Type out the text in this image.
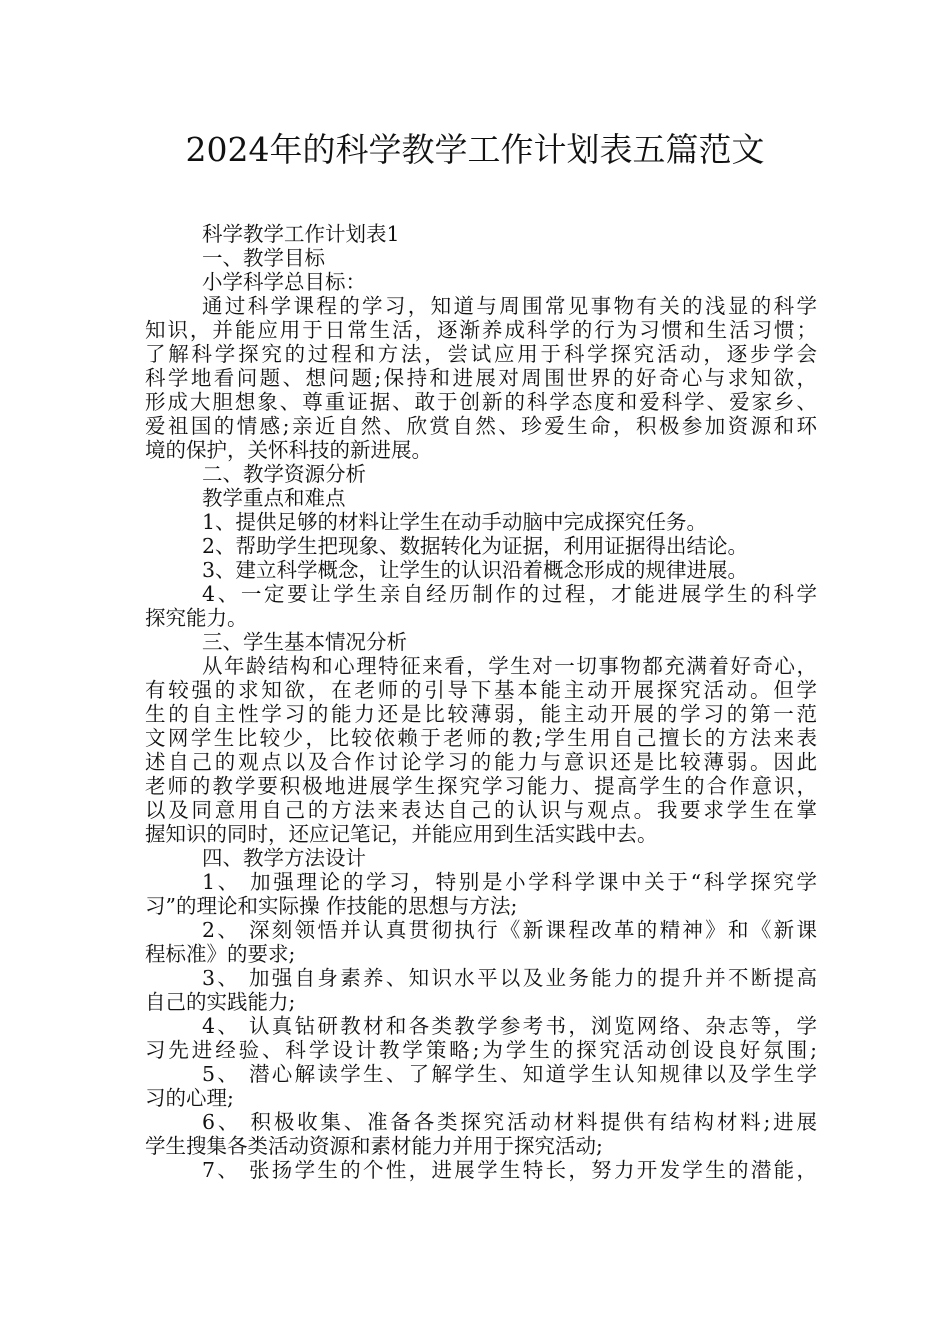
2024年的科学教学工作计划表五篇范文
科学教学工作计划表1
一、教学目标
小学科学总目标：
通过科学课程的学习，知道与周围常见事物有关的浅显的科学
知识，并能应用于日常生活，逐渐养成科学的行为习惯和生活习惯；
了解科学探究的过程和方法，尝试应用于科学探究活动，逐步学会
科学地看问题、想问题;保持和进展对周围世界的好奇心与求知欲，
形成大胆想象、尊重证据、敢于创新的科学态度和爱科学、爱家乡、
爱祖国的情感;亲近自然、欣赏自然、珍爱生命，积极参加资源和环
境的保护，关怀科技的新进展。
二、教学资源分析
教学重点和难点
1、提供足够的材料让学生在动手动脑中完成探究任务。
2、帮助学生把现象、数据转化为证据，利用证据得出结论。
3、建立科学概念，让学生的认识沿着概念形成的规律进展。
4、一定要让学生亲自经历制作的过程，才能进展学生的科学
探究能力。
三、学生基本情况分析
从年龄结构和心理特征来看，学生对一切事物都充满着好奇心，
有较强的求知欲，在老师的引导下基本能主动开展探究活动。但学
生的自主性学习的能力还是比较薄弱，能主动开展的学习的第一范
文网学生比较少，比较依赖于老师的教;学生用自己擅长的方法来表
述自己的观点以及合作讨论学习的能力与意识还是比较薄弱。因此
老师的教学要积极地进展学生探究学习能力、提高学生的合作意识，
以及同意用自己的方法来表达自己的认识与观点。我要求学生在掌
握知识的同时，还应记笔记，并能应用到生活实践中去。
四、教学方法设计
1、 加强理论的学习，特别是小学科学课中关于“科学探究学
习”的理论和实际操 作技能的思想与方法;
2、 深刻领悟并认真贯彻执行《新课程改革的精神》和《新课
程标准》的要求;
3、 加强自身素养、知识水平以及业务能力的提升并不断提高
自己的实践能力;
4、 认真钻研教材和各类教学参考书，浏览网络、杂志等，学
习先进经验、科学设计教学策略;为学生的探究活动创设良好氛围;
5、 潜心解读学生、了解学生、知道学生认知规律以及学生学
习的心理;
6、 积极收集、准备各类探究活动材料提供有结构材料;进展
学生搜集各类活动资源和素材能力并用于探究活动;
7、 张扬学生的个性，进展学生特长，努力开发学生的潜能，
